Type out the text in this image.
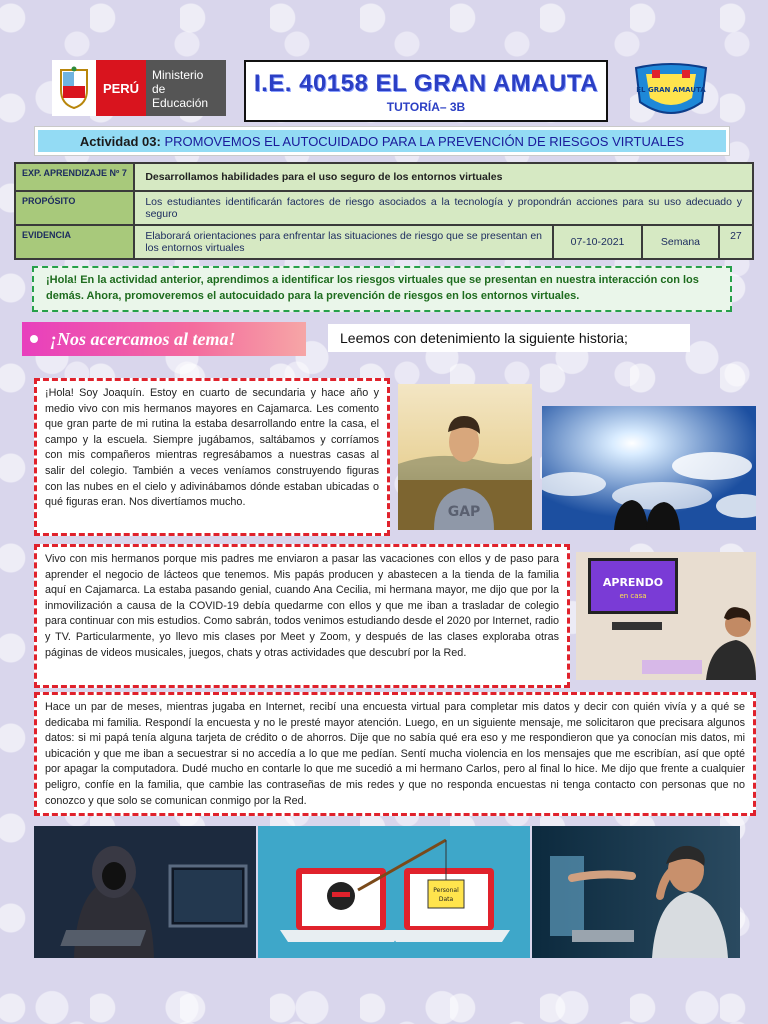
PERÚ
Ministerio de Educación
I.E. 40158 EL GRAN AMAUTA
TUTORÍA– 3B
EL GRAN AMAUTA
Actividad 03: PROMOVEMOS EL AUTOCUIDADO PARA LA PREVENCIÓN DE RIESGOS VIRTUALES
EXP. APRENDIZAJE Nº 7	Desarrollamos habilidades para el uso seguro de los entornos virtuales			
PROPÓSITO	Los estudiantes identificarán factores de riesgo asociados a la tecnología y propondrán acciones para su uso adecuado y seguro			
EVIDENCIA	Elaborará orientaciones para enfrentar las situaciones de riesgo que se presentan en los entornos virtuales	07-10-2021	Semana	27
¡Hola! En la actividad anterior, aprendimos a identificar los riesgos virtuales que se presentan en nuestra interacción con los demás. Ahora, promoveremos el autocuidado para la prevención de riesgos en los entornos virtuales.
¡Nos acercamos al tema!	Leemos con detenimiento la siguiente historia;
¡Hola! Soy Joaquín. Estoy en cuarto de secundaria y hace año y medio vivo con mis hermanos mayores en Cajamarca. Les comento que gran parte de mi rutina la estaba desarrollando entre la casa, el campo y la escuela. Siempre jugábamos, saltábamos y corríamos con mis compañeros mientras regresábamos a nuestras casas al salir del colegio. También a veces veníamos construyendo figuras con las nubes en el cielo y adivinábamos dónde estaban ubicadas o qué figuras eran. Nos divertíamos mucho.
GAP
Vivo con mis hermanos porque mis padres me enviaron a pasar las vacaciones con ellos y de paso para aprender el negocio de lácteos que tenemos. Mis papás producen y abastecen a la tienda de la familia aquí en Cajamarca. La estaba pasando genial, cuando Ana Cecilia, mi hermana mayor, me dijo que por la inmovilización a causa de la COVID-19 debía quedarme con ellos y que me iban a trasladar de colegio para continuar con mis estudios. Como sabrán, todos venimos estudiando desde el 2020 por Internet, radio y TV. Particularmente, yo llevo mis clases por Meet y Zoom, y después de las clases exploraba otras páginas de videos musicales, juegos, chats y otras actividades que descubrí por la Red.
APRENDO
en casa
Hace un par de meses, mientras jugaba en Internet, recibí una encuesta virtual para completar mis datos y decir con quién vivía y a qué se dedicaba mi familia. Respondí la encuesta y no le presté mayor atención. Luego, en un siguiente mensaje, me solicitaron que precisara algunos datos: si mi papá tenía alguna tarjeta de crédito o de ahorros. Dije que no sabía qué era eso y me respondieron que ya conocían mis datos, mi ubicación y que me iban a secuestrar si no accedía a lo que me pedían. Sentí mucha violencia en los mensajes que me escribían, así que opté por apagar la computadora. Dudé mucho en contarle lo que me sucedió a mi hermano Carlos, pero al final lo hice. Me dijo que frente a cualquier peligro, confíe en la familia, que cambie las contraseñas de mis redes y que no responda encuestas ni tenga contacto con personas que no conozco y que solo se comunican conmigo por la Red.
Personal
Data
